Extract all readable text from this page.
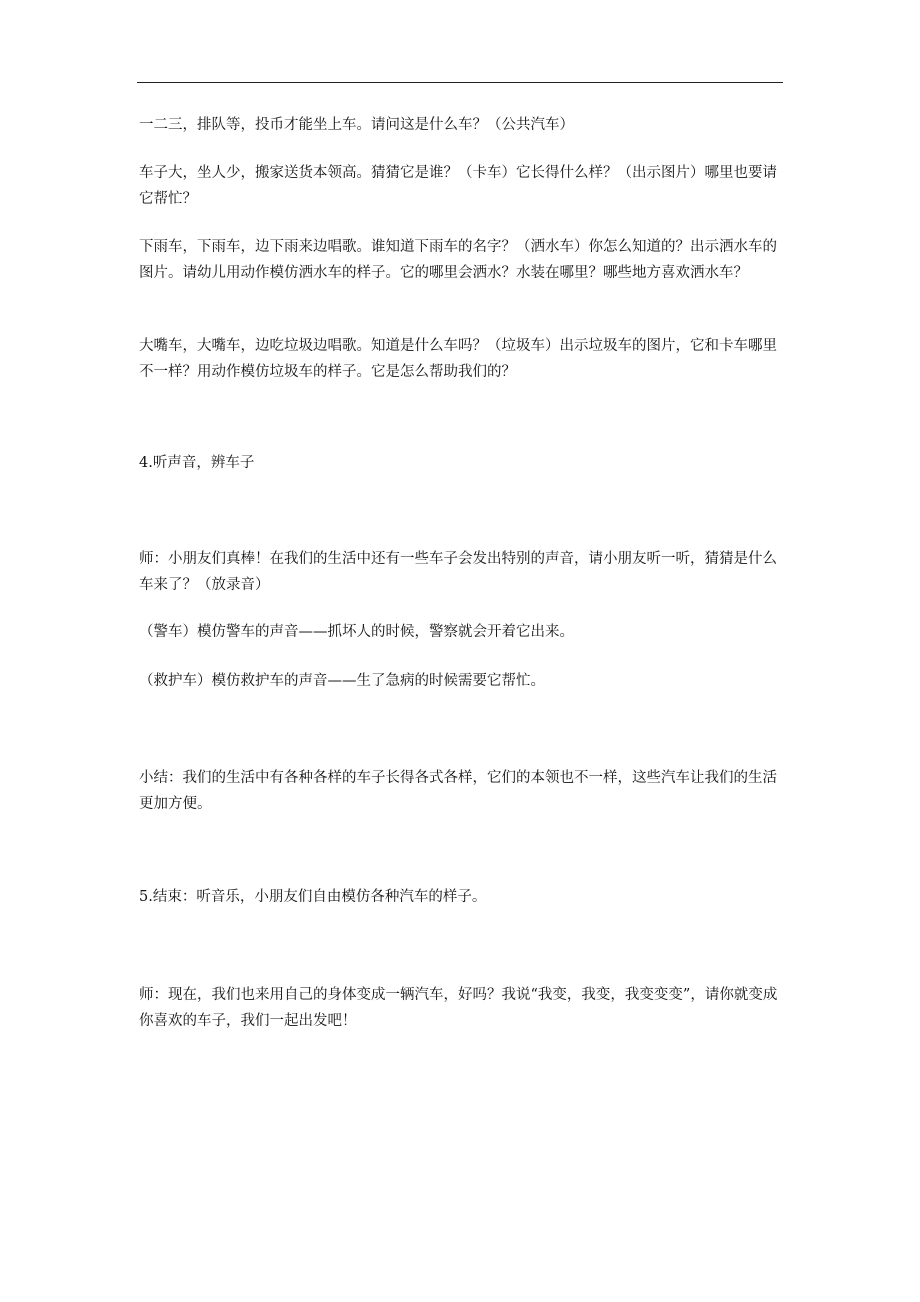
一二三，排队等，投币才能坐上车。请问这是什么车？（公共汽车）

车子大，坐人少，搬家送货本领高。猜猜它是谁？（卡车）它长得什么样？（出示图片）哪里也要请它帮忙？

下雨车，下雨车，边下雨来边唱歌。谁知道下雨车的名字？（洒水车）你怎么知道的？出示洒水车的图片。请幼儿用动作模仿洒水车的样子。它的哪里会洒水？水装在哪里？哪些地方喜欢洒水车？

大嘴车，大嘴车，边吃垃圾边唱歌。知道是什么车吗？（垃圾车）出示垃圾车的图片，它和卡车哪里不一样？用动作模仿垃圾车的样子。它是怎么帮助我们的？

4.听声音，辨车子

师：小朋友们真棒！在我们的生活中还有一些车子会发出特别的声音，请小朋友听一听，猜猜是什么车来了？（放录音）

（警车）模仿警车的声音——抓坏人的时候，警察就会开着它出来。

（救护车）模仿救护车的声音——生了急病的时候需要它帮忙。

小结：我们的生活中有各种各样的车子长得各式各样，它们的本领也不一样，这些汽车让我们的生活更加方便。

5.结束：听音乐，小朋友们自由模仿各种汽车的样子。

师：现在，我们也来用自己的身体变成一辆汽车，好吗？我说“我变，我变，我变变变”，请你就变成你喜欢的车子，我们一起出发吧！
